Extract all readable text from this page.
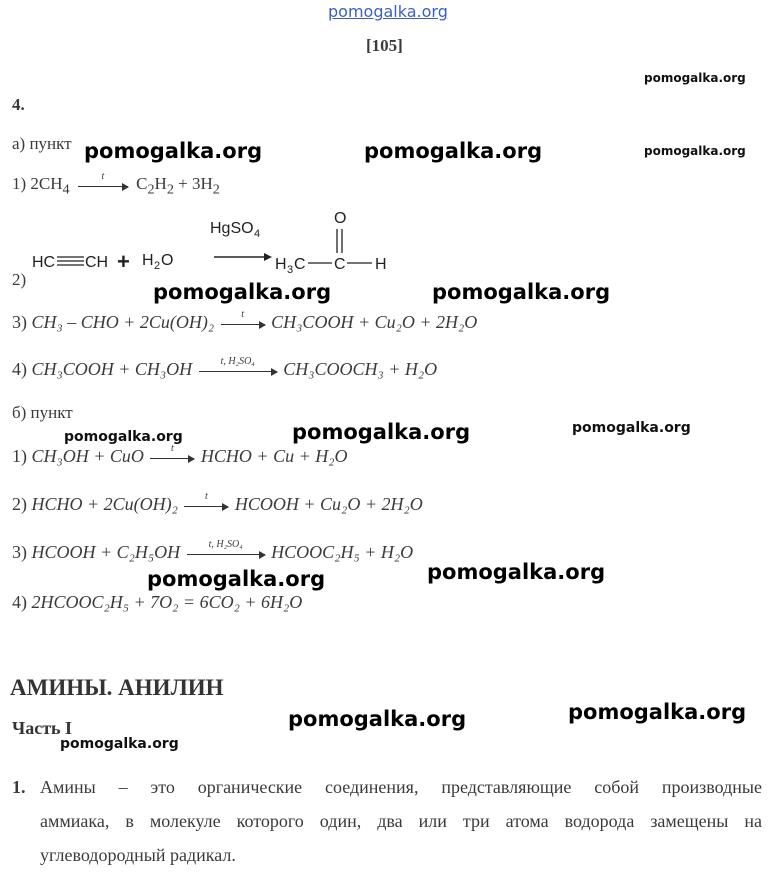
pomogalka.org
[105]
4.
а) пункт
1) $2CH_4$
t	$C_2H_2 + 3H_2$
2)
HC CH + H 2 O
HgSO 4
O
H 3 C C H
3) CH₃ – CHO + 2Cu(OH)₂	t	CH₃COOH + Cu₂O + 2H₂O
4) CH₃COOH + CH₃OH	t, H₂SO₄	CH₃COOCH₃ + H₂O
б) пункт
1) CH₃OH + CuO	t	HCHO + Cu + H₂O
2) HCHO + 2Cu(OH)₂	t	HCOOH + Cu₂O + 2H₂O
3) HCOOH + C₂H₅OH	t, H₂SO₄	HCOOC₂H₅ + H₂O
4) 2HCOOC₂H₅ + 7O₂ = 6CO₂ + 6H₂O
АМИНЫ. АНИЛИН
Часть I
1. Амины – это органические соединения, представляющие собой производные
аммиака, в молекуле которого один, два или три атома водорода замещены на
углеводородный радикал.
pomogalka.org
pomogalka.org	pomogalka.org	pomogalka.org
pomogalka.org	pomogalka.org
pomogalka.org
pomogalka.org
pomogalka.org
pomogalka.org	pomogalka.org
pomogalka.org	pomogalka.org
pomogalka.org
